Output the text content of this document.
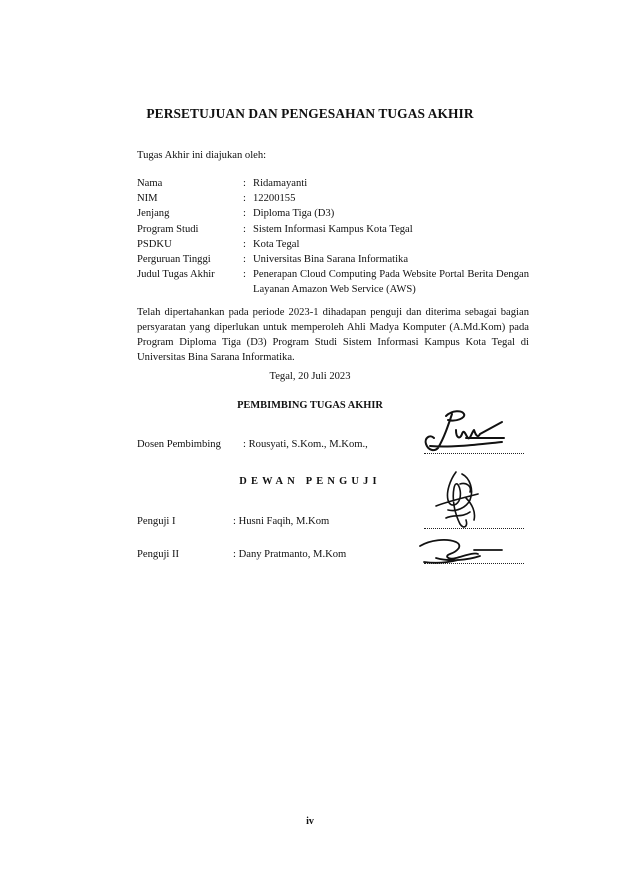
PERSETUJUAN DAN PENGESAHAN TUGAS AKHIR
Tugas Akhir ini diajukan oleh:
Nama	: Ridamayanti
NIM	: 12200155
Jenjang	: Diploma Tiga (D3)
Program Studi	: Sistem Informasi Kampus Kota Tegal
PSDKU	: Kota Tegal
Perguruan Tinggi	: Universitas Bina Sarana Informatika
Judul Tugas Akhir	: Penerapan Cloud Computing Pada Website Portal Berita Dengan Layanan Amazon Web Service (AWS)
Telah dipertahankan pada periode 2023-1 dihadapan penguji dan diterima sebagai bagian persyaratan yang diperlukan untuk memperoleh Ahli Madya Komputer (A.Md.Kom) pada Program Diploma Tiga (D3) Program Studi Sistem Informasi Kampus Kota Tegal di Universitas Bina Sarana Informatika.
Tegal, 20 Juli 2023
PEMBIMBING TUGAS AKHIR
Dosen Pembimbing : Rousyati, S.Kom., M.Kom.,
DEWAN PENGUJI
Penguji I	: Husni Faqih, M.Kom
Penguji II	: Dany Pratmanto, M.Kom
iv
